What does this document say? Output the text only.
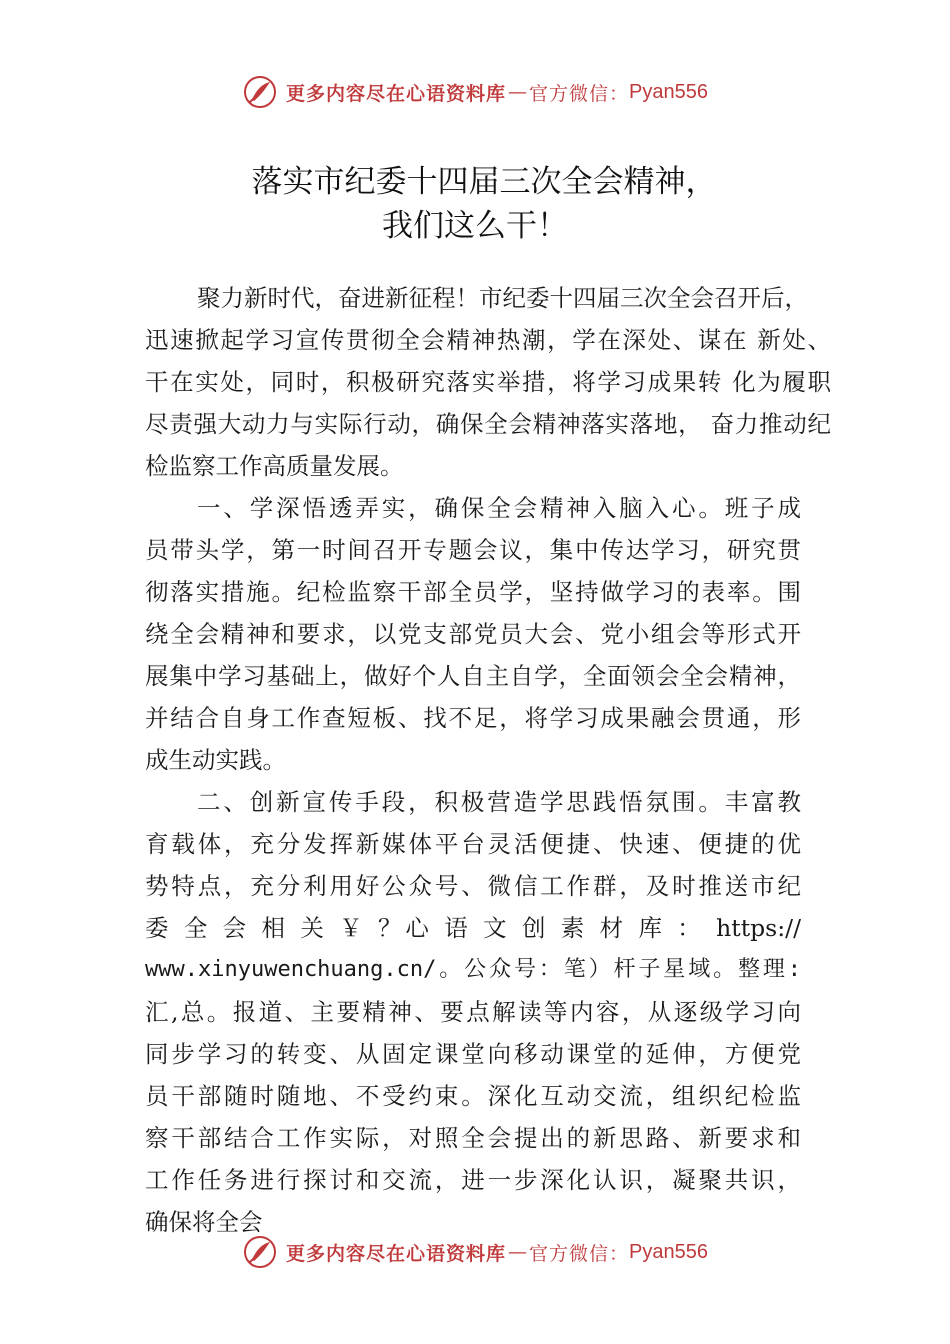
更多内容尽在心语资料库 — 官方微信： Pyan556
落实市纪委十四届三次全会精神，
我们这么干！
聚力新时代，奋进新征程！市纪委十四届三次全会召开后，
迅速掀起学习宣传贯彻全会精神热潮，学在深处、谋在 新处、
干在实处，同时，积极研究落实举措，将学习成果转 化为履职
尽责强大动力与实际行动，确保全会精神落实落地， 奋力推动纪
检监察工作高质量发展。
一、学深悟透弄实，确保全会精神入脑入心。班子成
员带头学，第一时间召开专题会议，集中传达学习，研究贯
彻落实措施。纪检监察干部全员学，坚持做学习的表率。围
绕全会精神和要求，以党支部党员大会、党小组会等形式开
展集中学习基础上，做好个人自主自学，全面领会全会精神，
并结合自身工作查短板、找不足，将学习成果融会贯通，形
成生动实践。
二、创新宣传手段，积极营造学思践悟氛围。丰富教
育载体，充分发挥新媒体平台灵活便捷、快速、便捷的优
势特点，充分利用好公众号、微信工作群，及时推送市纪
委 全 会 相 关 ￥ ？心 语 文 创 素 材 库 ： https://
www.xinyuwenchuang.cn/。公众号：笔）杆子星域。整理:
汇,总。报道、主要精神、要点解读等内容，从逐级学习向
同步学习的转变、从固定课堂向移动课堂的延伸，方便党
员干部随时随地、不受约束。深化互动交流，组织纪检监
察干部结合工作实际，对照全会提出的新思路、新要求和
工作任务进行探讨和交流，进一步深化认识，凝聚共识，
确保将全会
更多内容尽在心语资料库 — 官方微信： Pyan556
